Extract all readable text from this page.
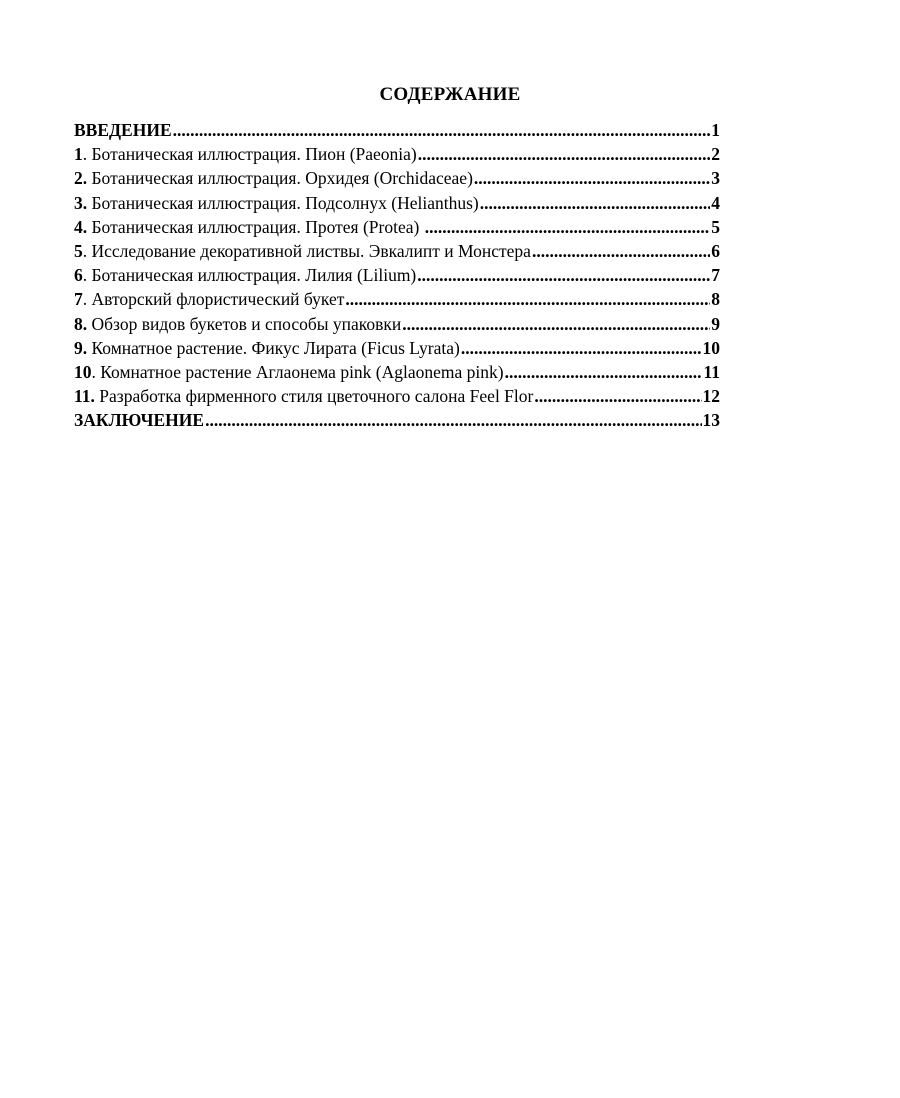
СОДЕРЖАНИЕ
ВВЕДЕНИЕ .....	1
1. Ботаническая иллюстрация. Пион (Paeonia) .....	2
2. Ботаническая иллюстрация. Орхидея (Orchidaceae) .....	3
3. Ботаническая иллюстрация. Подсолнух (Helianthus) .....	4
4. Ботаническая иллюстрация. Протея (Protea) .....	5
5. Исследование декоративной листвы. Эвкалипт и Монстера .....	6
6. Ботаническая иллюстрация. Лилия (Lilium) .....	7
7. Авторский флористический букет .....	8
8. Обзор видов букетов и способы упаковки .....	9
9. Комнатное растение. Фикус Лирата (Ficus Lyrata) .....	10
10. Комнатное растение Аглаонема pink (Aglaonema pink) .....	11
11. Разработка фирменного стиля цветочного салона Feel Flor .....	12
ЗАКЛЮЧЕНИЕ .....	13
